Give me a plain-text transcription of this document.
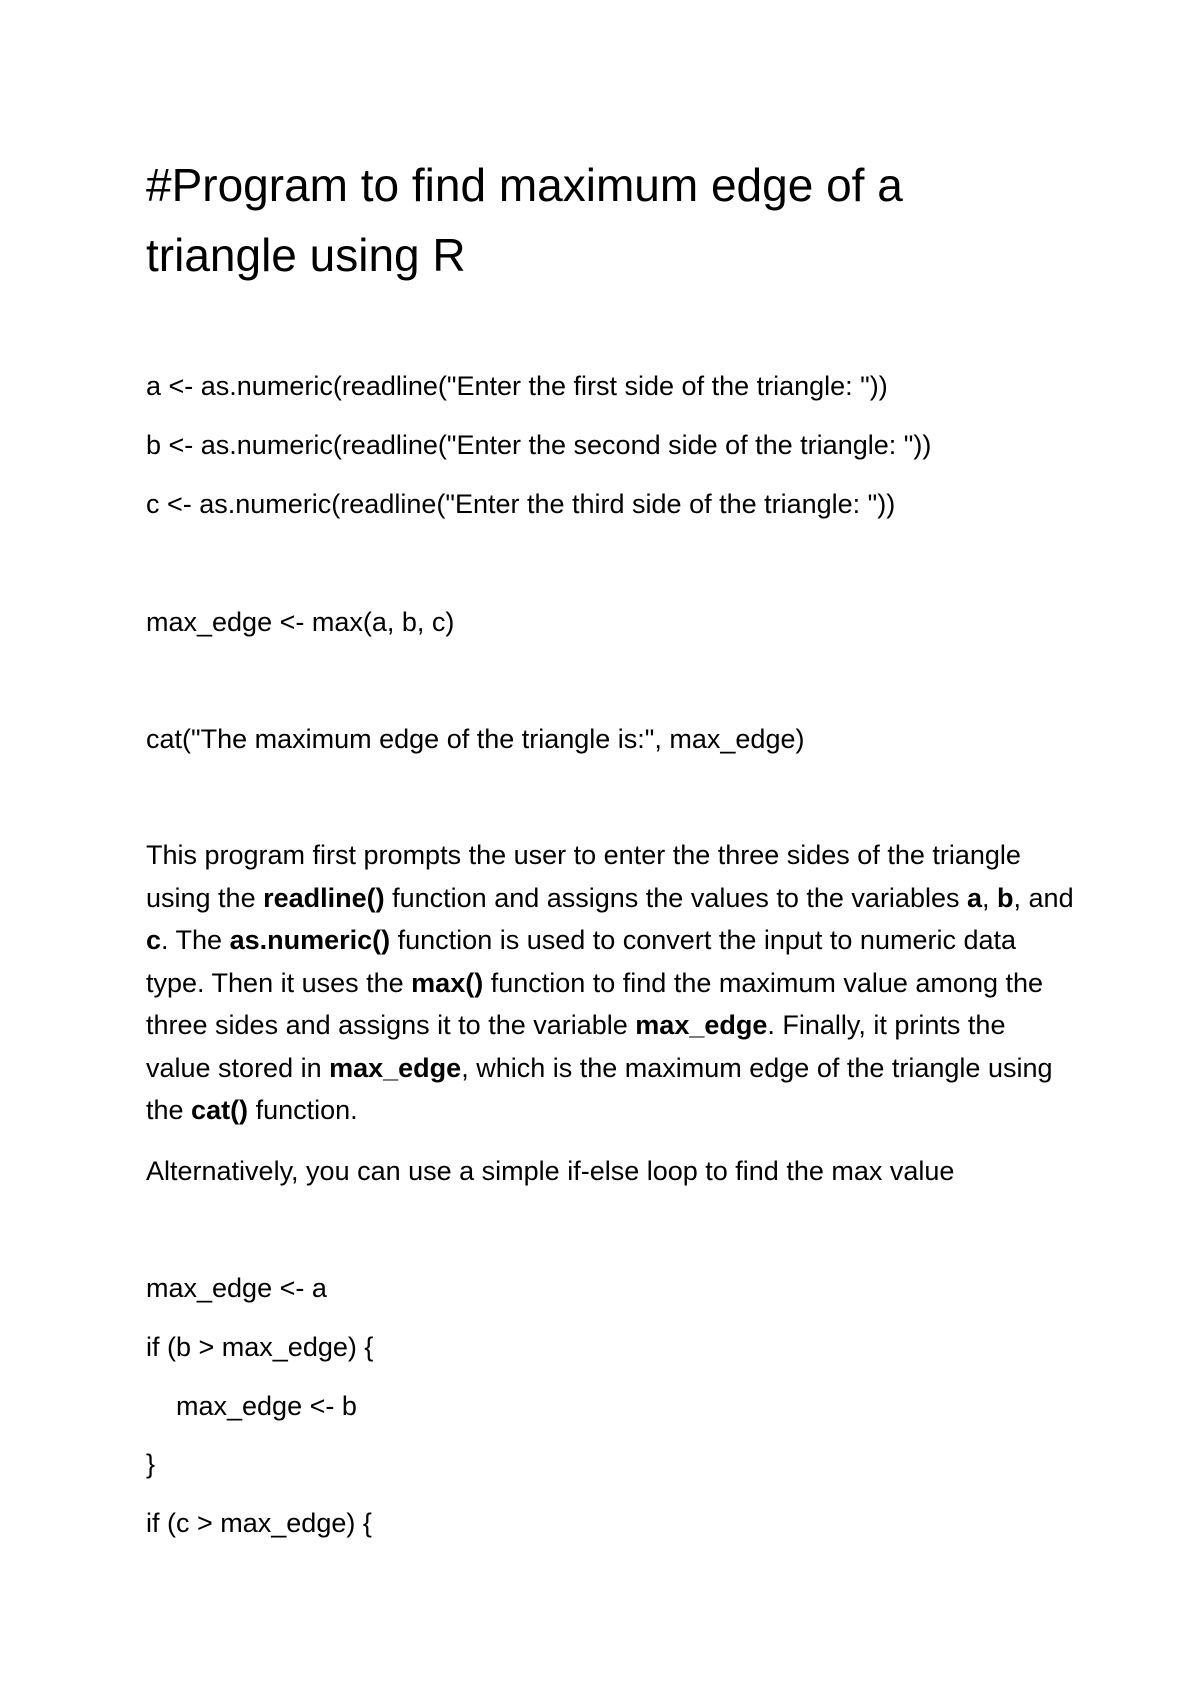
#Program to find maximum edge of a triangle using R

a <- as.numeric(readline("Enter the first side of the triangle: "))

b <- as.numeric(readline("Enter the second side of the triangle: "))

c <- as.numeric(readline("Enter the third side of the triangle: "))

max_edge <- max(a, b, c)

cat("The maximum edge of the triangle is:", max_edge)

This program first prompts the user to enter the three sides of the triangle using the readline() function and assigns the values to the variables a, b, and c. The as.numeric() function is used to convert the input to numeric data type. Then it uses the max() function to find the maximum value among the three sides and assigns it to the variable max_edge. Finally, it prints the value stored in max_edge, which is the maximum edge of the triangle using the cat() function.

Alternatively, you can use a simple if-else loop to find the max value

max_edge <- a

if (b > max_edge) {

max_edge <- b

}

if (c > max_edge) {
